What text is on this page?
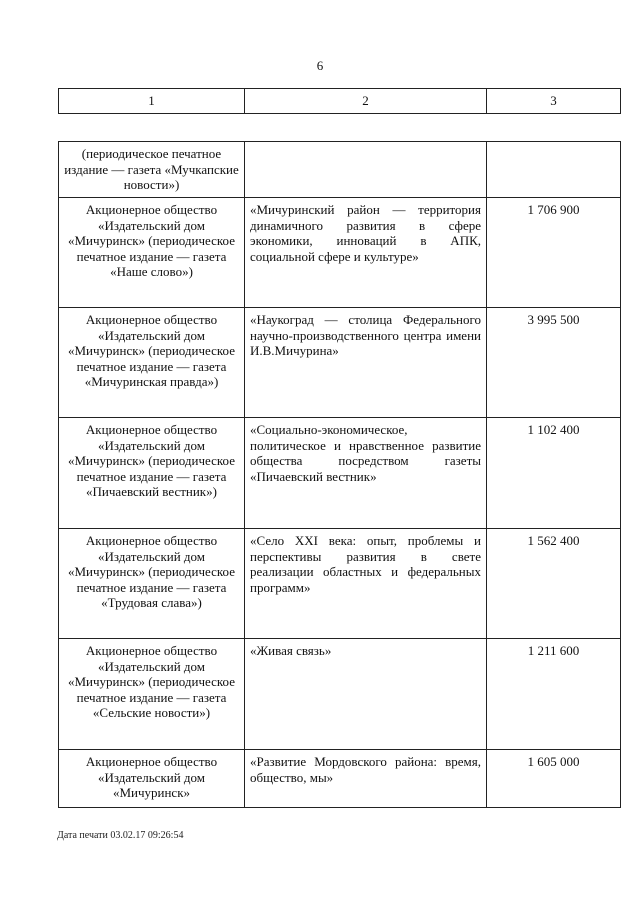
6
1	2	3
(периодическое печатное издание — газета «Мучкапские новости»)		
Акционерное общество «Издательский дом «Мичуринск» (периодическое печатное издание — газета «Наше слово»)	«Мичуринский район — территория динамичного развития в сфере экономики, инноваций в АПК, социальной сфере и культуре»	1 706 900
Акционерное общество «Издательский дом «Мичуринск» (периодическое печатное издание — газета «Мичуринская правда»)	«Наукоград — столица Федерального научно-производственного центра имени И.В.Мичурина»	3 995 500
Акционерное общество «Издательский дом «Мичуринск» (периодическое печатное издание — газета «Пичаевский вестник»)	«Социально-экономическое, политическое и нравственное развитие общества посредством газеты «Пичаевский вестник»	1 102 400
Акционерное общество «Издательский дом «Мичуринск» (периодическое печатное издание — газета «Трудовая слава»)	«Село XXI века: опыт, проблемы и перспективы развития в свете реализации областных и федеральных программ»	1 562 400
Акционерное общество «Издательский дом «Мичуринск» (периодическое печатное издание — газета «Сельские новости»)	«Живая связь»	1 211 600
Акционерное общество «Издательский дом «Мичуринск»	«Развитие Мордовского района: время, общество, мы»	1 605 000
Дата печати 03.02.17 09:26:54
